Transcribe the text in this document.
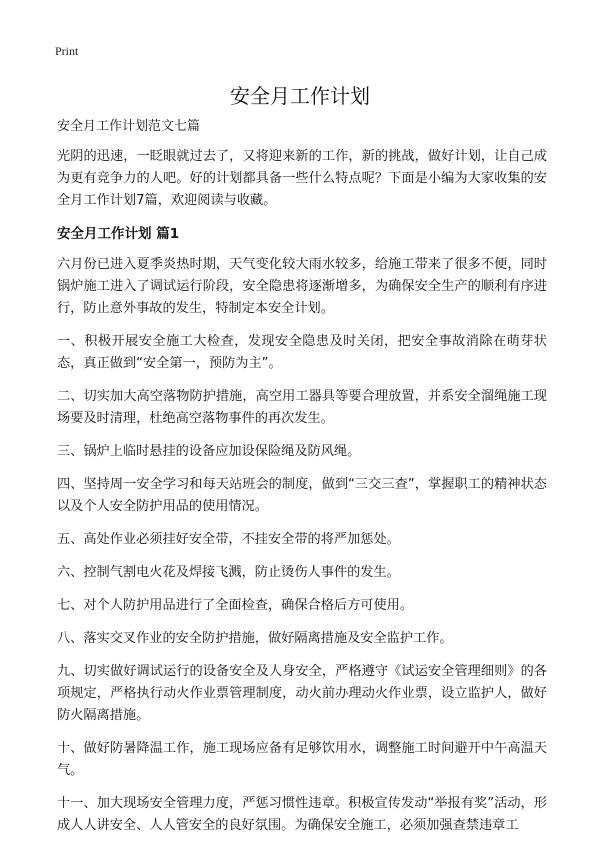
Print
安全月工作计划

安全月工作计划范文七篇

光阴的迅速，一眨眼就过去了，又将迎来新的工作，新的挑战，做好计划，让自己成为更有竞争力的人吧。好的计划都具备一些什么特点呢？下面是小编为大家收集的安全月工作计划7篇，欢迎阅读与收藏。

安全月工作计划 篇1

六月份已进入夏季炎热时期，天气变化较大雨水较多，给施工带来了很多不便，同时锅炉施工进入了调试运行阶段，安全隐患将逐渐增多，为确保安全生产的顺利有序进行，防止意外事故的发生，特制定本安全计划。

一、积极开展安全施工大检查，发现安全隐患及时关闭，把安全事故消除在萌芽状态，真正做到“安全第一，预防为主”。

二、切实加大高空落物防护措施，高空用工器具等要合理放置，并系安全溜绳施工现场要及时清理，杜绝高空落物事件的再次发生。

三、锅炉上临时悬挂的设备应加设保险绳及防风绳。

四、坚持周一安全学习和每天站班会的制度，做到“三交三查”，掌握职工的精神状态以及个人安全防护用品的使用情况。

五、高处作业必须挂好安全带，不挂安全带的将严加惩处。

六、控制气割电火花及焊接飞溅，防止烫伤人事件的发生。

七、对个人防护用品进行了全面检查，确保合格后方可使用。

八、落实交叉作业的安全防护措施，做好隔离措施及安全监护工作。

九、切实做好调试运行的设备安全及人身安全，严格遵守《试运安全管理细则》的各项规定，严格执行动火作业票管理制度，动火前办理动火作业票，设立监护人，做好防火隔离措施。

十、做好防暑降温工作，施工现场应备有足够饮用水，调整施工时间避开中午高温天气。

十一、加大现场安全管理力度，严惩习惯性违章。积极宣传发动“举报有奖”活动，形成人人讲安全、人人管安全的良好氛围。为确保安全施工，必须加强查禁违章工
